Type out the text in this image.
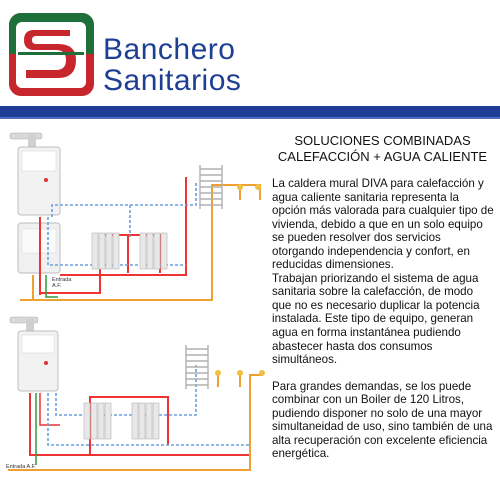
Banchero
Sanitarios
Entrada
A.F.
Entrada A.F.
SOLUCIONES COMBINADAS
CALEFACCIÓN + AGUA CALIENTE

La caldera mural DIVA para calefacción y agua caliente sanitaria representa la opción más valorada para cualquier tipo de vivienda, debido a que en un solo equipo se pueden resolver dos servicios otorgando independencia y confort, en reducidas dimensiones.

Trabajan priorizando el sistema de agua sanitaria sobre la calefacción, de modo que no es necesario duplicar la potencia instalada. Este tipo de equipo, generan agua en forma instantánea pudiendo abastecer hasta dos consumos simultáneos.

Para grandes demandas, se los puede combinar con un Boiler de 120 Litros, pudiendo disponer no solo de una mayor simultaneidad de uso, sino también de una alta recuperación con excelente eficiencia energética.
